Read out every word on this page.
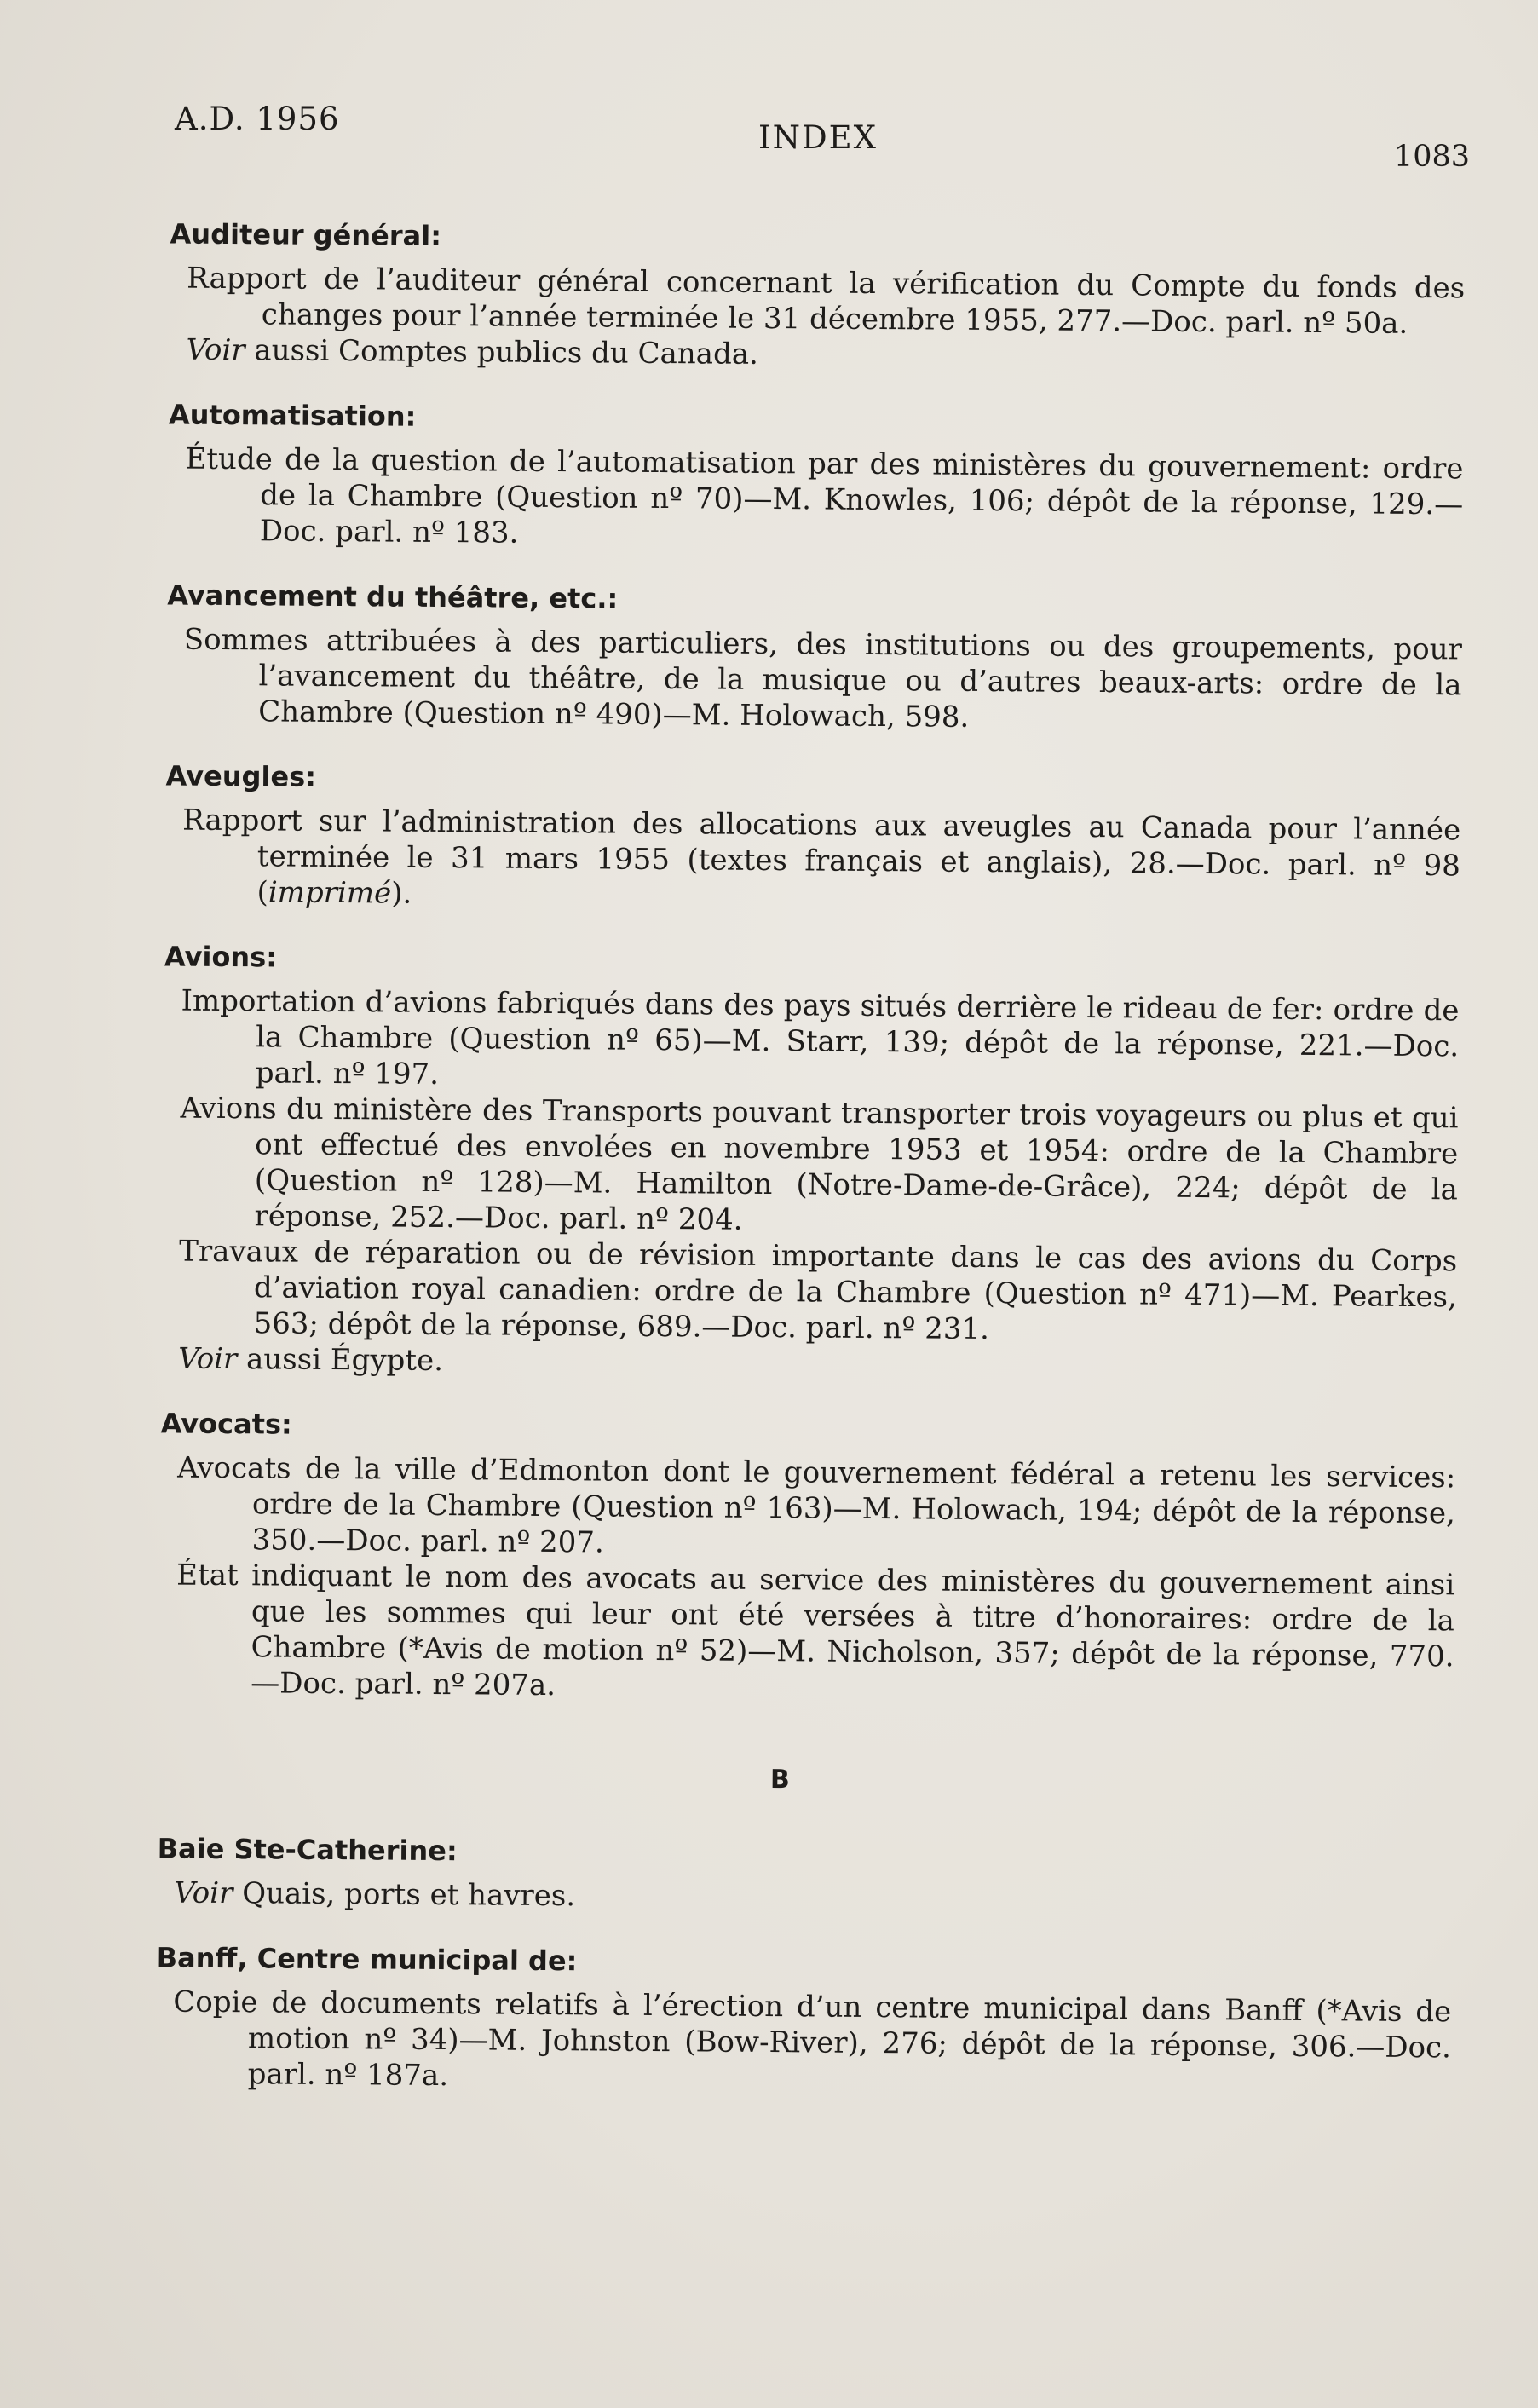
A.D. 1956
INDEX
1083
Auditeur général:
Rapport de l’auditeur général concernant la vérification du Compte du fonds des changes pour l’année terminée le 31 décembre 1955, 277.—Doc. parl. nº 50a.
Voir aussi Comptes publics du Canada.
Automatisation:
Étude de la question de l’automatisation par des ministères du gouvernement: ordre de la Chambre (Question nº 70)—M. Knowles, 106; dépôt de la réponse, 129.—Doc. parl. nº 183.
Avancement du théâtre, etc.:
Sommes attribuées à des particuliers, des institutions ou des groupements, pour l’avancement du théâtre, de la musique ou d’autres beaux-arts: ordre de la Chambre (Question nº 490)—M. Holowach, 598.
Aveugles:
Rapport sur l’administration des allocations aux aveugles au Canada pour l’année terminée le 31 mars 1955 (textes français et anglais), 28.—Doc. parl. nº 98 (imprimé).
Avions:
Importation d’avions fabriqués dans des pays situés derrière le rideau de fer: ordre de la Chambre (Question nº 65)—M. Starr, 139; dépôt de la réponse, 221.—Doc. parl. nº 197.
Avions du ministère des Transports pouvant transporter trois voyageurs ou plus et qui ont effectué des envolées en novembre 1953 et 1954: ordre de la Chambre (Question nº 128)—M. Hamilton (Notre-Dame-de-Grâce), 224; dépôt de la réponse, 252.—Doc. parl. nº 204.
Travaux de réparation ou de révision importante dans le cas des avions du Corps d’aviation royal canadien: ordre de la Chambre (Question nº 471)—M. Pearkes, 563; dépôt de la réponse, 689.—Doc. parl. nº 231.
Voir aussi Égypte.
Avocats:
Avocats de la ville d’Edmonton dont le gouvernement fédéral a retenu les services: ordre de la Chambre (Question nº 163)—M. Holowach, 194; dépôt de la réponse, 350.—Doc. parl. nº 207.
État indiquant le nom des avocats au service des ministères du gouvernement ainsi que les sommes qui leur ont été versées à titre d’honoraires: ordre de la Chambre (*Avis de motion nº 52)—M. Nicholson, 357; dépôt de la réponse, 770.—Doc. parl. nº 207a.
B
Baie Ste-Catherine:
Voir Quais, ports et havres.
Banff, Centre municipal de:
Copie de documents relatifs à l’érection d’un centre municipal dans Banff (*Avis de motion nº 34)—M. Johnston (Bow-River), 276; dépôt de la réponse, 306.—Doc. parl. nº 187a.
